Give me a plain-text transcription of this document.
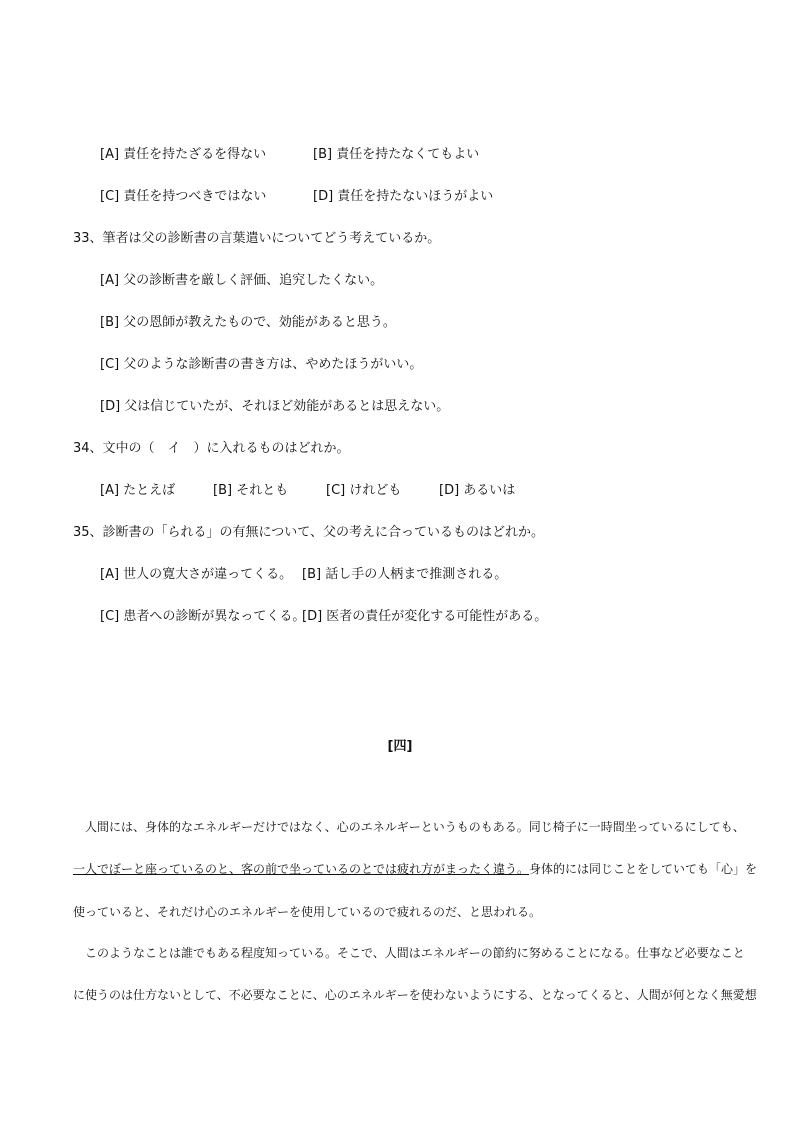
[A] 責任を持たざるを得ない	[B] 責任を持たなくてもよい
[C] 責任を持つべきではない	[D] 責任を持たないほうがよい
33、筆者は父の診断書の言葉遣いについてどう考えているか。
[A] 父の診断書を厳しく評価、追究したくない。
[B] 父の恩師が教えたもので、効能があると思う。
[C] 父のような診断書の書き方は、やめたほうがいい。
[D] 父は信じていたが、それほど効能があるとは思えない。
34、文中の（　イ　）に入れるものはどれか。
[A] たとえば	[B] それとも	[C] けれども	[D] あるいは
35、診断書の「られる」の有無について、父の考えに合っているものはどれか。
[A] 世人の寛大さが違ってくる。 [B] 話し手の人柄まで推測される。
[C] 患者への診断が異なってくる。
[D] 医者の責任が変化する可能性がある。
[四]
　人間には、身体的なエネルギーだけではなく、心のエネルギーというものもある。同じ椅子に一時間坐っているにしても、
一人でぼーと座っているのと、客の前で坐っているのとでは疲れ方がまったく違う。身体的には同じことをしていても「心」を
使っていると、それだけ心のエネルギーを使用しているので疲れるのだ、と思われる。
　このようなことは誰でもある程度知っている。そこで、人間はエネルギーの節約に努めることになる。仕事など必要なこと
に使うのは仕方ないとして、不必要なことに、心のエネルギーを使わないようにする、となってくると、人間が何となく無愛想
